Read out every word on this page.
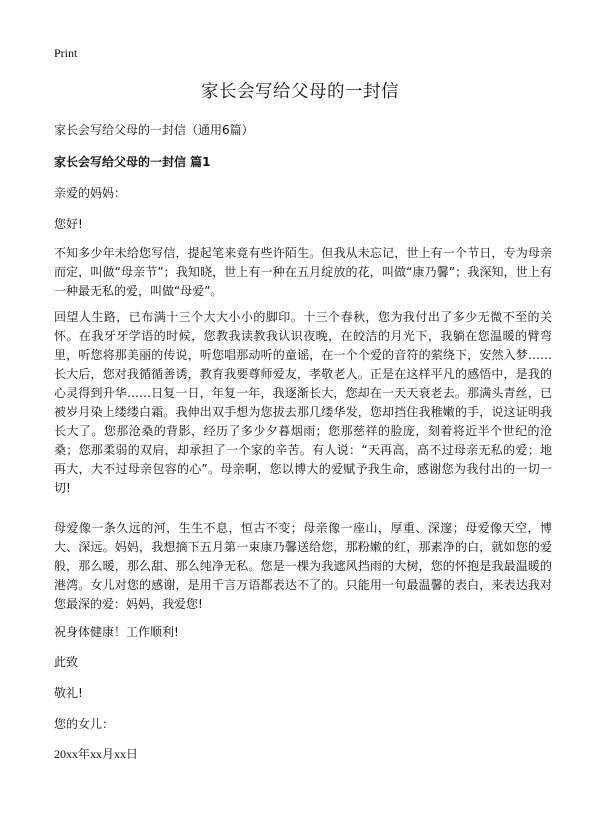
Print
家长会写给父母的一封信

家长会写给父母的一封信（通用6篇）

家长会写给父母的一封信 篇1

亲爱的妈妈：

您好!

不知多少年未给您写信，提起笔来竟有些许陌生。但我从未忘记，世上有一个节日，专为母亲而定，叫做“母亲节”；我知晓，世上有一种在五月绽放的花，叫做“康乃馨”；我深知，世上有一种最无私的爱，叫做“母爱”。

回望人生路，已布满十三个大大小小的脚印。十三个春秋，您为我付出了多少无微不至的关怀。在我牙牙学语的时候，您教我读教我认识夜晚，在皎洁的月光下，我躺在您温暖的臂弯里，听您将那美丽的传说，听您唱那动听的童谣，在一个个爱的音符的萦绕下，安然入梦……长大后，您对我循循善诱，教育我要尊师爱友，孝敬老人。正是在这样平凡的感悟中，是我的心灵得到升华……日复一日，年复一年，我逐渐长大，您却在一天天衰老去。那满头青丝，已被岁月染上缕缕白霜。我伸出双手想为您拔去那几缕华发，您却挡住我稚嫩的手，说这证明我长大了。您那沧桑的背影，经历了多少夕暮烟雨；您那慈祥的脸庞，刻着将近半个世纪的沧桑；您那柔弱的双肩，却承担了一个家的辛苦。有人说：“天再高，高不过母亲无私的爱；地再大，大不过母亲包容的心”。母亲啊，您以博大的爱赋予我生命，感谢您为我付出的一切一切!

母爱像一条久远的河，生生不息，恒古不变；母亲像一座山，厚重、深邃；母爱像天空，博大、深远。妈妈，我想摘下五月第一束康乃馨送给您，那粉嫩的红，那素净的白，就如您的爱般，那么暖，那么甜、那么纯净无私。您是一棵为我遮风挡雨的大树，您的怀抱是我最温暖的港湾。女儿对您的感谢，是用千言万语都表达不了的。只能用一句最温馨的表白，来表达我对您最深的爱：妈妈，我爱您!

祝身体健康！工作顺利!

此致

敬礼!

您的女儿：

20xx年xx月xx日
